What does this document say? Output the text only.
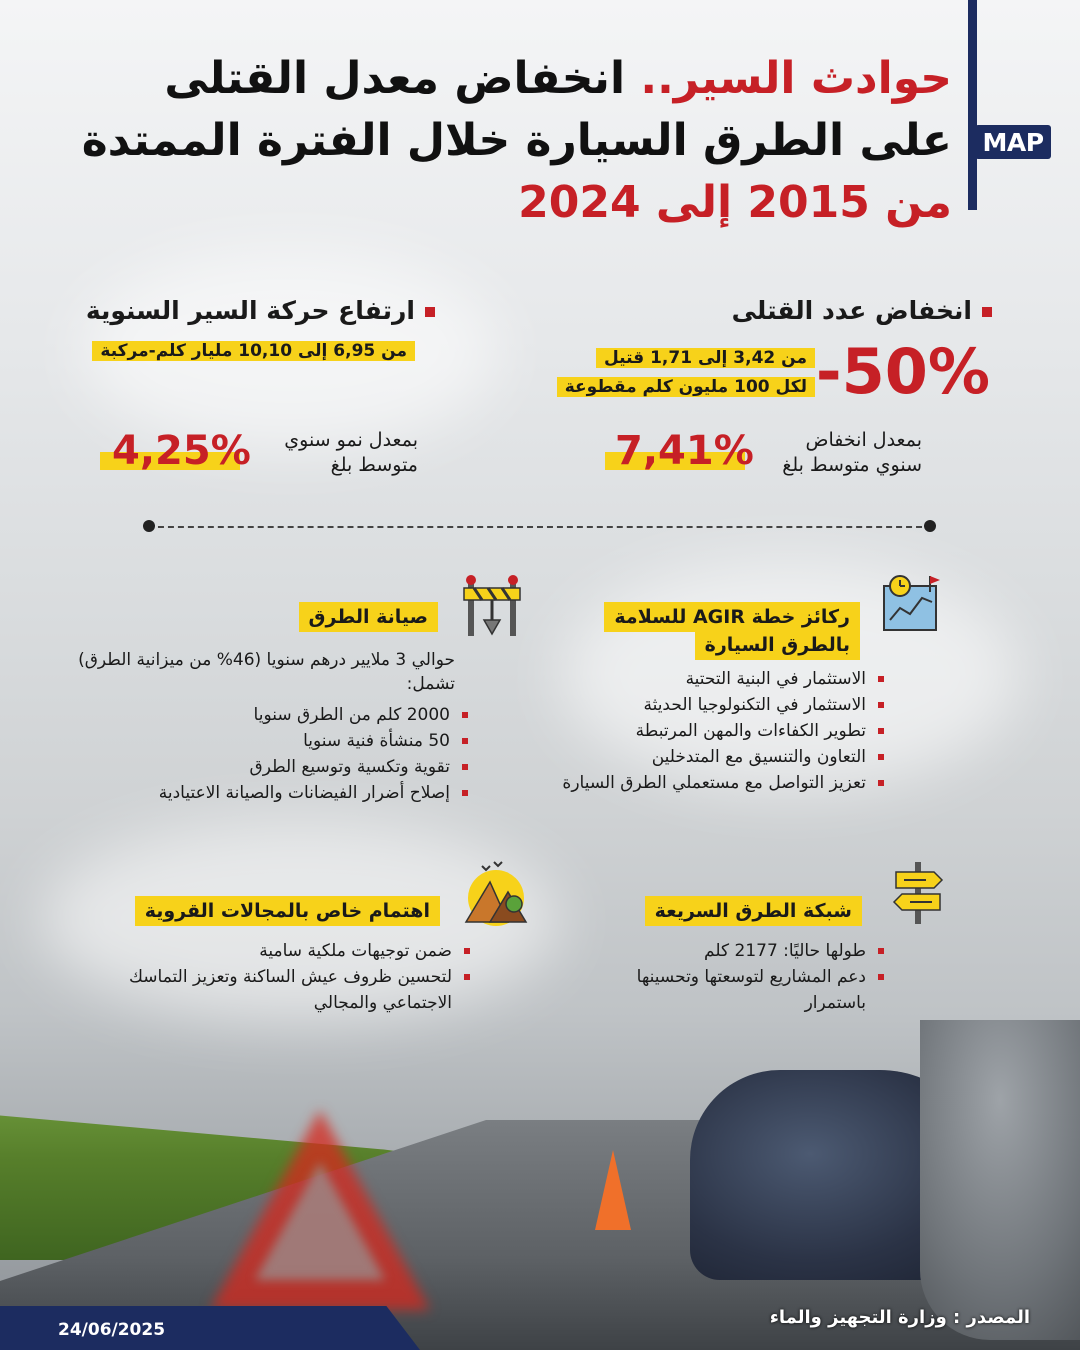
MAP
حوادث السير.. انخفاض معدل القتلى
على الطرق السيارة خلال الفترة الممتدة
من 2015 إلى 2024
انخفاض عدد القتلى
-50%
من 3,42 إلى 1,71 قتيل
لكل 100 مليون كلم مقطوعة
بمعدل انخفاض
سنوي متوسط بلغ
7,41%
ارتفاع حركة السير السنوية
من 6,95 إلى 10,10 مليار كلم-مركبة
بمعدل نمو سنوي
متوسط بلغ
4,25%
ركائز خطة AGIR للسلامة
بالطرق السيارة
الاستثمار في البنية التحتية
الاستثمار في التكنولوجيا الحديثة
تطوير الكفاءات والمهن المرتبطة
التعاون والتنسيق مع المتدخلين
تعزيز التواصل مع مستعملي الطرق السيارة
صيانة الطرق
حوالي 3 ملايير درهم سنويا (46% من ميزانية الطرق)
تشمل:
2000 كلم من الطرق سنويا
50 منشأة فنية سنويا
تقوية وتكسية وتوسيع الطرق
إصلاح أضرار الفيضانات والصيانة الاعتيادية
شبكة الطرق السريعة
طولها حاليًا: 2177 كلم
دعم المشاريع لتوسعتها وتحسينها
باستمرار
اهتمام خاص بالمجالات القروية
ضمن توجيهات ملكية سامية
لتحسين ظروف عيش الساكنة وتعزيز التماسك
الاجتماعي والمجالي
24/06/2025
المصدر : وزارة التجهيز والماء
